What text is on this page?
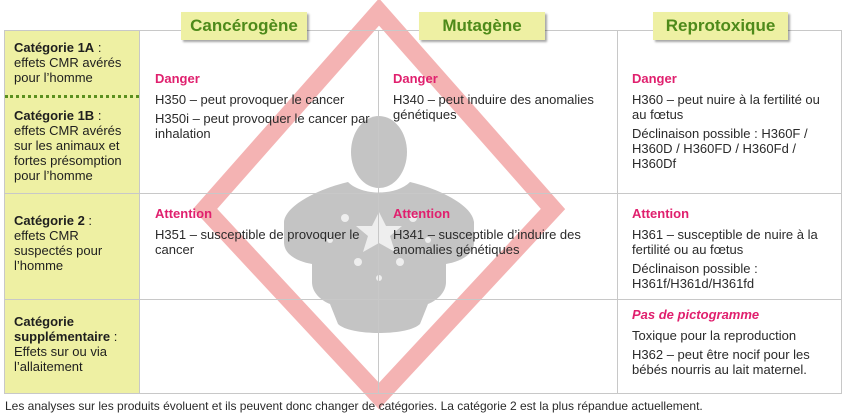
Cancérogène	Mutagène	Reprotoxique
Catégorie 1A :
effets CMR avérés pour l’homme
Catégorie 1B :
effets CMR avérés sur les animaux et fortes présomption pour l’homme
Catégorie 2 :
effets CMR suspectés pour l’homme
Catégorie supplémentaire :
Effets sur ou via l’allaitement
Danger

H350 – peut provoquer le cancer

H350i – peut provoquer le cancer par inhalation

Danger

H340 – peut induire des anomalies génétiques

Danger

H360 – peut nuire à la fertilité ou au fœtus

Déclinaison possible : H360F / H360D / H360FD / H360Fd / H360Df

Attention

H351 – susceptible de provoquer le cancer

Attention

H341 – susceptible d’induire des anomalies génétiques

Attention

H361 – susceptible de nuire à la fertilité ou au fœtus

Déclinaison possible : H361f/H361d/H361fd

Pas de pictogramme

Toxique pour la reproduction

H362 – peut être nocif pour les bébés nourris au lait maternel.

Les analyses sur les produits évoluent et ils peuvent donc changer de catégories. La catégorie 2 est la plus répandue actuellement.
